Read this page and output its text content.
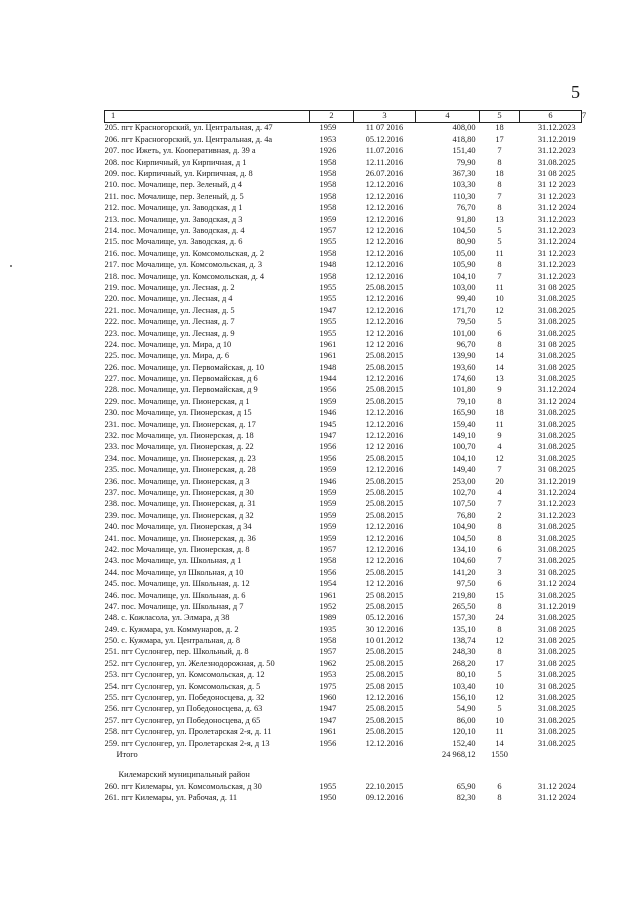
5
1	2	3	4	5	6	7
205. пгт Красногорский, ул. Центральная, д. 47	1959	11 07 2016	408,00	18	31.12.2023	
206. пгт Красногорский, ул. Центральная, д. 4а	1953	05.12.2016	418,80	17	31.12.2019	
207. пос Иж​еть, ул. Кооперативная, д. 39 а	1926	11.07.2016	151,40	7	31.12.2023	
208. пос Кирпичный, ул Кирпичная, д 1	1958	12.11.2016	79,90	8	31.08.2025	
209. пос. Кирпичный, ул. Кирпичная, д. 8	1958	26.07.2016	367,30	18	31 08 2025	
210. пос. Мочалище, пер. Зеленый, д 4	1958	12.12.2016	103,30	8	31 12 2023	
211. пос. Мочалище, пер. Зеленый, д. 5	1958	12.12.2016	110,30	7	31 12.2023	
212. пос. Мочалище, ул. Заводская, д 1	1958	12.12.2016	76,70	8	31.12 2024	
213. пос. Мочалище, ул. Заводская, д 3	1959	12.12.2016	91,80	13	31.12.2023	
214. пос. Мочалище, ул. Заводская, д. 4	1957	12 12.2016	104,50	5	31.12.2023	
215. пос Мочалище, ул. Заводская, д. 6	1955	12 12.2016	80,90	5	31.12.2024	
216. пос. Мочалище, ул. Комсомольская, д. 2	1958	12.12.2016	105,00	11	31 12.2023	
217. пос Мочалище, ул. Комсомольская, д. 3	1948	12.12.2016	105,90	8	31.12.2023	
218. пос. Мочалище, ул. Комсомольская, д. 4	1958	12.12.2016	104,10	7	31.12.2023	
219. пос. Мочалище, ул. Лесная, д. 2	1955	25.08.2015	103,00	11	31 08 2025	
220. пос. Мочалище, ул. Лесная, д 4	1955	12.12.2016	99,40	10	31.08.2025	
221. пос. Мочалище, ул. Лесная, д. 5	1947	12.12.2016	171,70	12	31.08.2025	
222. пос. Мочалище, ул. Лесная, д. 7	1955	12.12.2016	79,50	5	31.08.2025	
223. пос. Мочалище, ул. Лесная, д. 9	1955	12 12.2016	101,00	6	31.08.2025	
224. пос. Мочалище, ул. Мира, д 10	1961	12 12 2016	96,70	8	31 08 2025	
225. пос. Мочалище, ул. Мира, д. 6	1961	25.08.2015	139,90	14	31.08.2025	
226. пос. Мочалище, ул. Первомайская, д. 10	1948	25.08.2015	193,60	14	31.08 2025	
227. пос. Мочалище, ул. Первомайская, д 6	1944	12.12.2016	174,60	13	31.08.2025	
228. пос. Мочалище, ул. Первомайская, д 9	1956	25.08.2015	101,80	9	31.12.2024	
229. пос. Мочалище, ул. Пионерская, д 1	1959	25.08.2015	79,10	8	31.12 2024	
230. пос Мочалище, ул. Пионерская, д 15	1946	12.12.2016	165,90	18	31.08.2025	
231. пос. Мочалище, ул. Пионерская, д. 17	1945	12.12.2016	159,40	11	31.08.2025	
232. пос Мочалище, ул. Пионерская, д. 18	1947	12.12.2016	149,10	9	31.08.2025	
233. пос Мочалище, ул. Пионерская, д. 22	1956	12 12 2016	100,70	4	31.08.2025	
234. пос. Мочалище, ул. Пионерская, д. 23	1956	25.08.2015	104,10	12	31.08.2025	
235. пос. Мочалище, ул. Пионерская, д. 28	1959	12.12.2016	149,40	7	31 08.2025	
236. пос. Мочалище, ул. Пионерская, д 3	1946	25.08.2015	253,00	20	31.12.2019	
237. пос. Мочалище, ул. Пионерская, д 30	1959	25.08.2015	102,70	4	31.12.2024	
238. пос. Мочалище, ул. Пионерская, д. 31	1959	25.08.2015	107,50	7	31.12.2023	
239. пос. Мочалище, ул. Пионерская, д 32	1959	25.08.2015	76,80	2	31.12.2023	
240. пос Мочалище, ул. Пионерская, д 34	1959	12.12.2016	104,90	8	31.08.2025	
241. пос. Мочалище, ул. Пионерская, д. 36	1959	12.12.2016	104,50	8	31.08.2025	
242. пос Мочалище, ул. Пионерская, д. 8	1957	12.12.2016	134,10	6	31.08.2025	
243. пос Мочалище, ул. Школьная, д 1	1958	12 12.2016	104,60	7	31.08.2025	
244. пос Мочалище, ул Школьная, д 10	1956	25.08.2015	141,20	3	31 08.2025	
245. пос. Мочалище, ул. Школьная, д. 12	1954	12 12.2016	97,50	6	31.12 2024	
246. пос. Мочалище, ул. Школьная, д. 6	1961	25 08.2015	219,80	15	31.08.2025	
247. пос. Мочалище, ул. Школьная, д 7	1952	25.08.2015	265,50	8	31.12.2019	
248. с. Кожласола, ул. Элмара, д 38	1989	05.12.2016	157,30	24	31.08.2025	
249. с. Кужмара, ул. Коммунаров, д. 2	1935	30 12.2016	135,10	8	31.08 2025	
250. с. Кужмара, ул. Центральная, д. 8	1958	10 01.2012	138,74	12	31.08 2025	
251. пгт Суслонгер, пер. Школьный, д. 8	1957	25.08.2015	248,30	8	31.08.2025	
252. пгт Суслонгер, ул. Железнодорожная, д. 50	1962	25.08.2015	268,20	17	31.08 2025	
253. пгт Суслонгер, ул. Комсомольская, д. 12	1953	25.08.2015	80,10	5	31.08.2025	
254. пгт Суслонгер, ул. Комсомольская, д. 5	1975	25.08 2015	103,40	10	31 08.2025	
255. пгт Суслонгер, ул. Победоносцева, д. 32	1960	12.12.2016	156,10	12	31.08.2025	
256. пгт Суслонгер, ул Победоносцева, д. 63	1947	25.08.2015	54,90	5	31.08.2025	
257. пгт Суслонгер, ул Победоносцева, д 65	1947	25.08.2015	86,00	10	31.08.2025	
258. пгт Суслонгер, ул. Пролетарская 2-я, д. 11	1961	25.08.2015	120,10	11	31.08.2025	
259. пгт Суслонгер, ул. Пролетарская 2-я, д 13	1956	12.12.2016	152,40	14	31.08.2025	
Итого			24 968,12	1550		

Килемарский муниципальный район						
260. пгт Килемары, ул. Комсомольская, д 30	1955	22.10.2015	65,90	6	31.12 2024	
261. пгт Килемары, ул. Рабочая, д. 11	1950	09.12.2016	82,30	8	31.12 2024	
